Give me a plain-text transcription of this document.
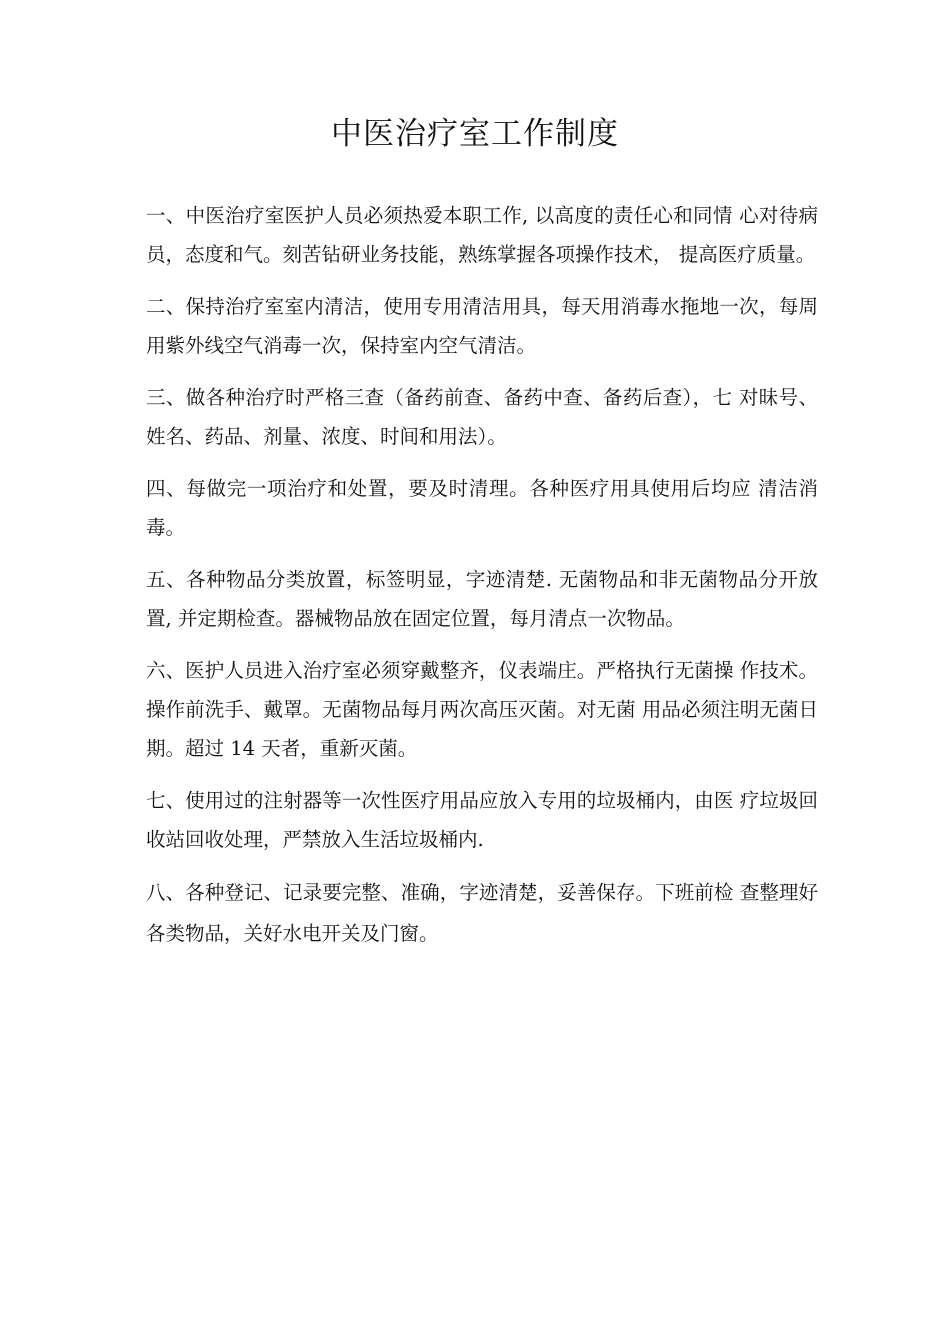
中医治疗室工作制度

一、中医治疗室医护人员必须热爱本职工作, 以高度的责任心和同情 心对待病员，态度和气。刻苦钻研业务技能，熟练掌握各项操作技术， 提高医疗质量。

二、保持治疗室室内清洁，使用专用清洁用具，每天用消毒水拖地一次，每周用紫外线空气消毒一次，保持室内空气清洁。

三、做各种治疗时严格三查（备药前查、备药中查、备药后查），七 对昧号、姓名、药品、剂量、浓度、时间和用法）。

四、每做完一项治疗和处置，要及时清理。各种医疗用具使用后均应 清洁消毒。

五、各种物品分类放置，标签明显，字迹清楚. 无菌物品和非无菌物品分开放置, 并定期检查。器械物品放在固定位置，每月清点一次物品。

六、医护人员进入治疗室必须穿戴整齐，仪表端庄。严格执行无菌操 作技术。操作前洗手、戴罩。无菌物品每月两次高压灭菌。对无菌 用品必须注明无菌日期。超过 14 天者，重新灭菌。

七、使用过的注射器等一次性医疗用品应放入专用的垃圾桶内，由医 疗垃圾回收站回收处理，严禁放入生活垃圾桶内.

八、各种登记、记录要完整、准确，字迹清楚，妥善保存。下班前检 查整理好各类物品，关好水电开关及门窗。
